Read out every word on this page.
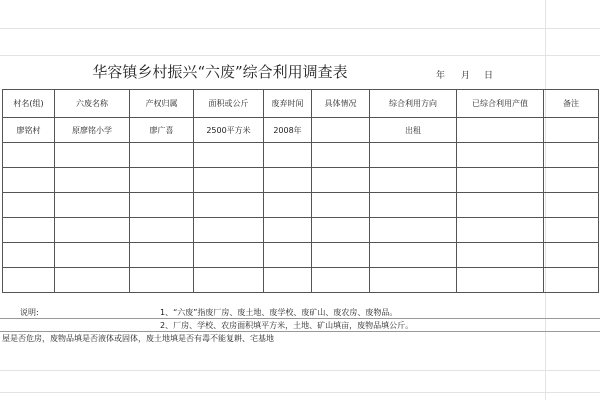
华容镇乡村振兴“六废”综合利用调查表	年 月 日
村名(组)	六废名称	产权归属	面积或公斤	废弃时间	具体情况	综合利用方向	已综合利用产值	备注
廖铭村	原廖铭小学	廖广喜	2500平方米	2008年		出租		

说明:	1、“六废”指废厂房、废土地、废学校、废矿山、废农房、废物品。
2、厂房、学校、农房面积填平方米，土地、矿山填亩，废物品填公斤。
屋是否危房，废物品填是否液体或固体，废土地填是否有毒不能复耕、宅基地
